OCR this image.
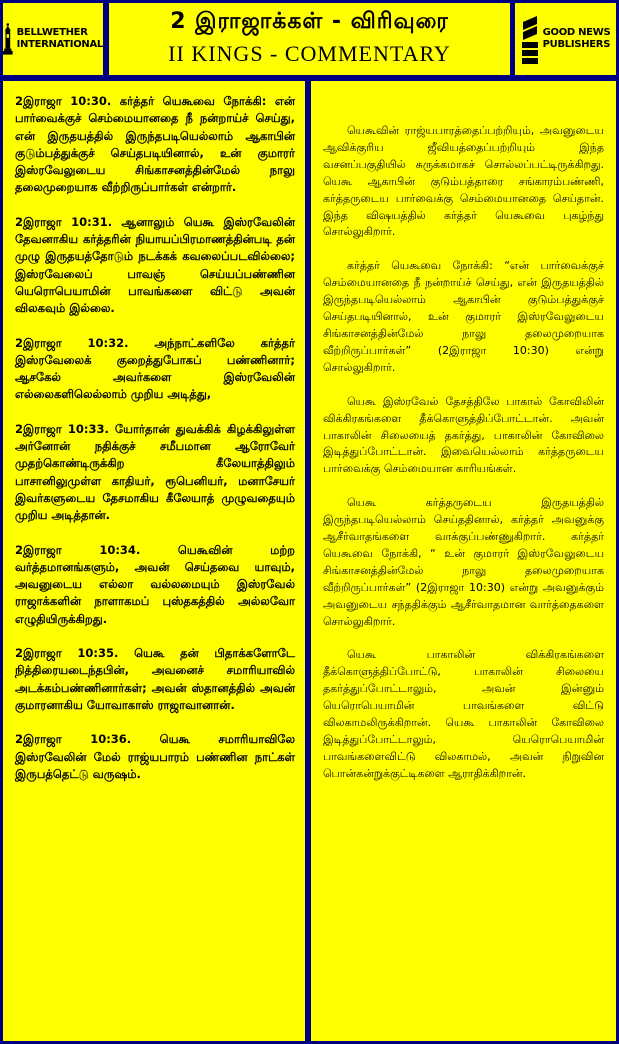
BELLWETHER
INTERNATIONAL
2 இராஜாக்கள் - விரிவுரை
II KINGS - COMMENTARY
GOOD NEWS
PUBLISHERS

2இராஜா 10:30. கர்த்தர் யெகூவை நோக்கி: என் பார்வைக்குச் செம்மையானதை நீ நன்றாய்ச் செய்து, என் இருதயத்தில் இருந்தபடியெல்லாம் ஆகாபின் குடும்பத்துக்குச் செய்தபடியினால், உன் குமாரர் இஸ்ரவேலுடைய சிங்காசனத்தின்மேல் நாலு தலைமுறையாக வீற்றிருப்பார்கள் என்றார்.

2இராஜா 10:31. ஆனாலும் யெகூ இஸ்ரவேலின் தேவனாகிய கர்த்தரின் நியாயப்பிரமாணத்தின்படி தன் முழு இருதயத்தோடும் நடக்கக் கவலைப்படவில்லை; இஸ்ரவேலைப் பாவஞ் செய்யப்பண்ணின யெரொபெயாமின் பாவங்களை விட்டு அவன் விலகவும் இல்லை.

2இராஜா 10:32. அந்நாட்களிலே கர்த்தர் இஸ்ரவேலைக் குறைத்துபோகப் பண்ணினார்; ஆசகேல் அவர்களை இஸ்ரவேலின் எல்லைகளிலெல்லாம் முறிய அடித்து,

2இராஜா 10:33. யோர்தான் துவக்கிக் கிழக்கிலுள்ள அர்னோன் நதிக்குச் சமீபமான ஆரோவேர் முதற்கொண்டிருக்கிற கீலேயாத்திலும் பாசானிலுமுள்ள காதியர், ரூபெனியர், மனாசேயர் இவர்களுடைய தேசமாகிய கீலேயாத் முழுவதையும் முறிய அடித்தான்.

2இராஜா 10:34. யெகூவின் மற்ற வர்த்தமானங்களும், அவன் செய்தவை யாவும், அவனுடைய எல்லா வல்லமையும் இஸ்ரவேல் ராஜாக்களின் நாளாகமப் புஸ்தகத்தில் அல்லவோ எழுதியிருக்கிறது.

2இராஜா 10:35. யெகூ தன் பிதாக்களோடே நித்திரையடைந்தபின், அவனைச் சமாரியாவில் அடக்கம்பண்ணினார்கள்; அவன் ஸ்தானத்தில் அவன் குமாரனாகிய யோவாகாஸ் ராஜாவானான்.

2இராஜா 10:36. யெகூ சமாரியாவிலே இஸ்ரவேலின் மேல் ராஜ்யபாரம் பண்ணின நாட்கள் இருபத்தெட்டு வருஷம்.

யெகூவின் ராஜ்யபாரத்தைப்பற்றியும், அவனுடைய ஆவிக்குரிய ஜீவியத்தைப்பற்றியும் இந்த வசனப்பகுதியில் சுருக்கமாகச் சொல்லப்பட்டிருக்கிறது. யெகூ ஆகாபின் குடும்பத்தாரை சங்காரம்பண்ணி, கர்த்தருடைய பார்வைக்கு செம்மையானதை செய்தான். இந்த விஷயத்தில் கர்த்தர் யெகூவை புகழ்ந்து சொல்லுகிறார்.

கர்த்தர் யெகூவை நோக்கி: “என் பார்வைக்குச் செம்மையானதை நீ நன்றாய்ச் செய்து, என் இருதயத்தில் இருந்தபடியெல்லாம் ஆகாபின் குடும்பத்துக்குச் செய்தபடியினால், உன் குமாரர் இஸ்ரவேலுடைய சிங்காசனத்தின்மேல் நாலு தலைமுறையாக வீற்றிருப்பார்கள்” (2இராஜா 10:30) என்று சொல்லுகிறார்.

யெகூ இஸ்ரவேல் தேசத்திலே பாகால் கோவிலின் விக்கிரகங்களை தீக்கொளுத்திப்போட்டான். அவன் பாகாலின் சிலையைத் தகர்த்து, பாகாலின் கோவிலை இடித்துப்போட்டான். இவையெல்லாம் கர்த்தருடைய பார்வைக்கு செம்மையான காரியங்கள்.

யெகூ கர்த்தருடைய இருதயத்தில் இருந்தபடியெல்லாம் செய்ததினால், கர்த்தர் அவனுக்கு ஆசீர்வாதங்களை வாக்குப்பண்ணுகிறார். கர்த்தர் யெகூவை நோக்கி, “ உன் குமாரர் இஸ்ரவேலுடைய சிங்காசனத்தின்மேல் நாலு தலைமுறையாக வீற்றிருப்பார்கள்” (2இராஜா 10:30) என்று அவனுக்கும் அவனுடைய சந்ததிக்கும் ஆசீர்வாதமான வார்த்தைகளை சொல்லுகிறார்.

யெகூ பாகாலின் விக்கிரகங்களை தீக்கொளுத்திப்போட்டு, பாகாலின் சிலையை தகர்த்துப்போட்டாலும், அவன் இன்னும் யெரொபெயாமின் பாவங்களை விட்டு விலகாமலிருக்கிறான். யெகூ பாகாலின் கோவிலை இடித்துப்போட்டாலும், யெரொபெயாமின் பாவங்களைவிட்டு விலகாமல், அவன் நிறுவின பொன்கன்றுக்குட்டிகளை ஆராதிக்கிறான்.
